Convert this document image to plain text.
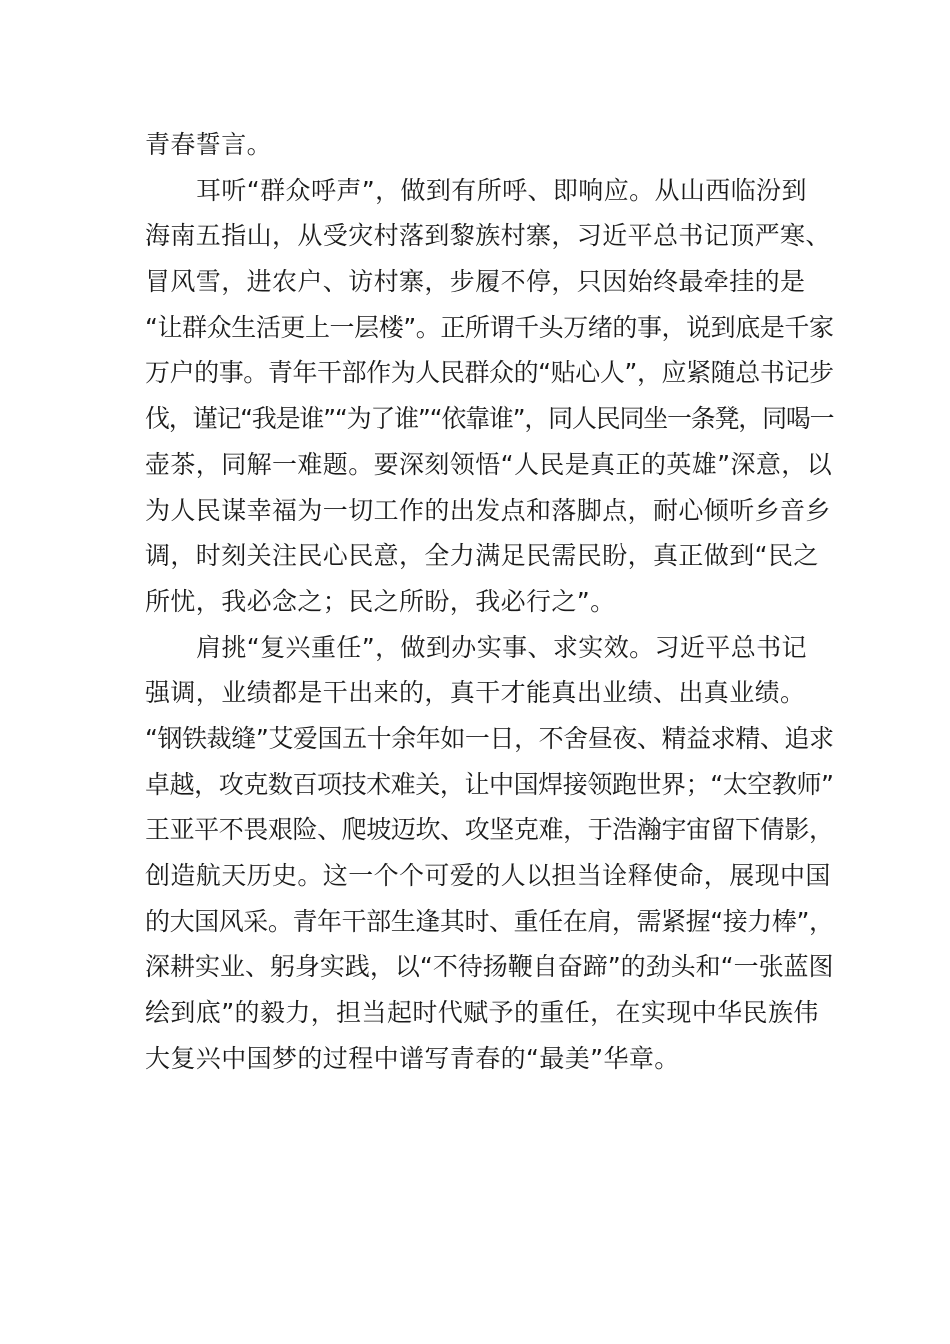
青春誓言。
耳听“群众呼声”，做到有所呼、即响应。从山西临汾到
海南五指山，从受灾村落到黎族村寨，习近平总书记顶严寒、
冒风雪，进农户、访村寨，步履不停，只因始终最牵挂的是
“让群众生活更上一层楼”。正所谓千头万绪的事，说到底是千家
万户的事。青年干部作为人民群众的“贴心人”，应紧随总书记步
伐，谨记“我是谁”“为了谁”“依靠谁”，同人民同坐一条凳，同喝一
壶茶，同解一难题。要深刻领悟“人民是真正的英雄”深意，以
为人民谋幸福为一切工作的出发点和落脚点，耐心倾听乡音乡
调，时刻关注民心民意，全力满足民需民盼，真正做到“民之
所忧，我必念之；民之所盼，我必行之”。
肩挑“复兴重任”，做到办实事、求实效。习近平总书记
强调，业绩都是干出来的，真干才能真出业绩、出真业绩。
“钢铁裁缝”艾爱国五十余年如一日，不舍昼夜、精益求精、追求
卓越，攻克数百项技术难关，让中国焊接领跑世界；“太空教师”
王亚平不畏艰险、爬坡迈坎、攻坚克难，于浩瀚宇宙留下倩影，
创造航天历史。这一个个可爱的人以担当诠释使命，展现中国
的大国风采。青年干部生逢其时、重任在肩，需紧握“接力棒”，
深耕实业、躬身实践，以“不待扬鞭自奋蹄”的劲头和“一张蓝图
绘到底”的毅力，担当起时代赋予的重任，在实现中华民族伟
大复兴中国梦的过程中谱写青春的“最美”华章。
